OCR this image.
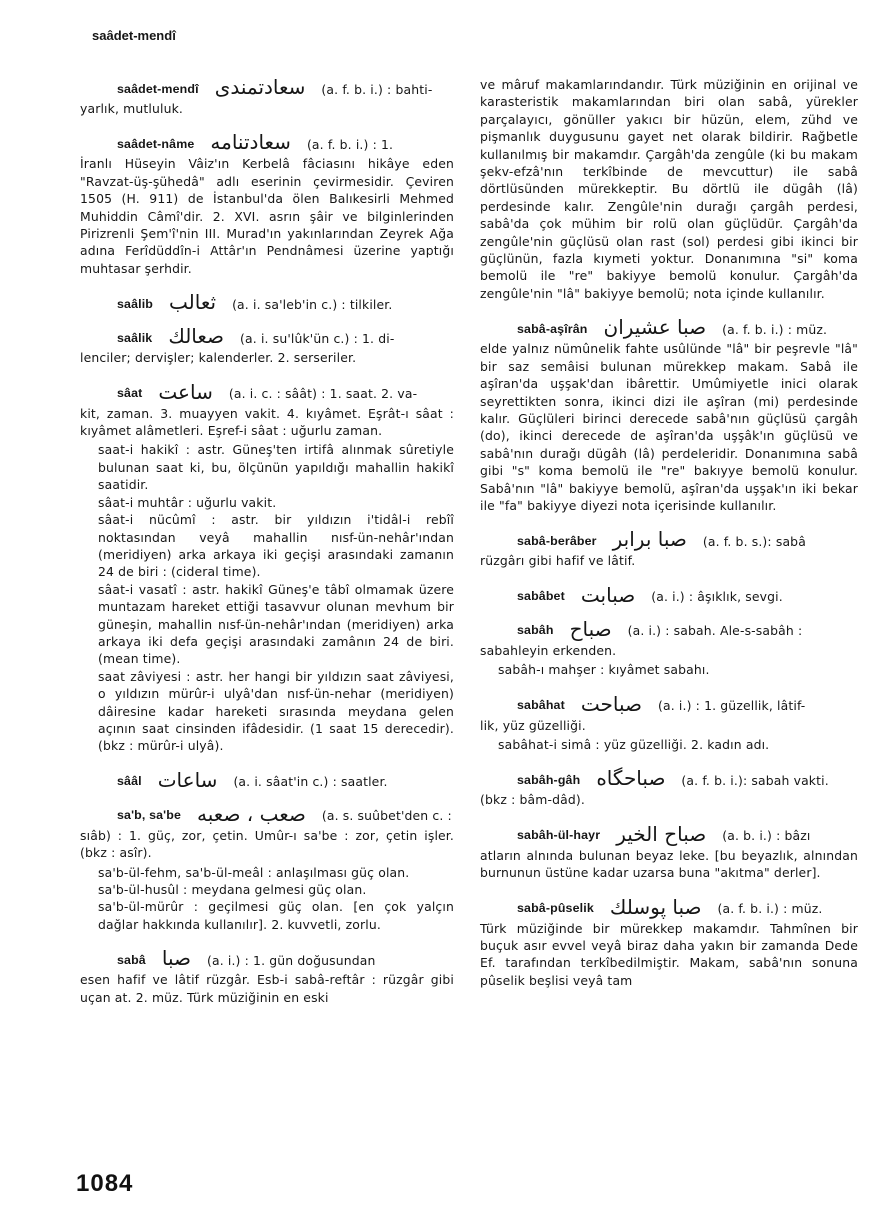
saâdet-mendî
saâdet-mendî سعادتمندى (a. f. b. i.) : bahti-

yarlık, mutluluk.

saâdet-nâme سعادتنامه (a. f. b. i.) : 1.

İranlı Hüseyin Vâiz'ın Kerbelâ fâciasını hikâye eden "Ravzat-üş-şühedâ" adlı eserinin çevirmesidir. Çeviren 1505 (H. 911) de İstanbul'da ölen Balıkesirli Mehmed Muhiddin Câmî'dir. 2. XVI. asrın şâir ve bilginlerinden Pirizrenli Şem'î'nin III. Murad'ın yakınlarından Zeyrek Ağa adına Ferîdüddîn-i Attâr'ın Pendnâmesi üzerine yaptığı muhtasar şerhdir.

saâlib ثعالب (a. i. sa'leb'in c.) : tilkiler.
saâlik صعالك (a. i. su'lûk'ün c.) : 1. di-

lenciler; dervişler; kalenderler. 2. serseriler.

sâat ساعت (a. i. c. : sâât) : 1. saat. 2. va-

kit, zaman. 3. muayyen vakit. 4. kıyâmet. Eşrât-ı sâat : kıyâmet alâmetleri. Eşref-i sâat : uğurlu zaman.

saat-i hakikî : astr. Güneş'ten irtifâ alınmak sûretiyle bulunan saat ki, bu, ölçünün yapıldığı mahallin hakikî saatidir.

sâat-i muhtâr : uğurlu vakit.

sâat-i nücûmî : astr. bir yıldızın i'tidâl-i rebîî noktasından veyâ mahallin nısf-ün-nehâr'ından (meridiyen) arka arkaya iki geçişi arasındaki zamanın 24 de biri : (cideral time).

sâat-i vasatî : astr. hakikî Güneş'e tâbî olmamak üzere muntazam hareket ettiği tasavvur olunan mevhum bir güneşin, mahallin nısf-ün-nehâr'ından (meridiyen) arka arkaya iki defa geçişi arasındaki zamânın 24 de biri. (mean time).

saat zâviyesi : astr. her hangi bir yıldızın saat zâviyesi, o yıldızın mürûr-i ulyâ'dan nısf-ün-nehar (meridiyen) dâiresine kadar hareketi sırasında meydana gelen açının saat cinsinden ifâdesidir. (1 saat 15 derecedir). (bkz : mürûr-i ulyâ).

sââl ساعات (a. i. sâat'in c.) : saatler.
sa'b, sa'be صعب ، صعبه (a. s. suûbet'den c. :

sıâb) : 1. güç, zor, çetin. Umûr-ı sa'be : zor, çetin işler. (bkz : asîr).

sa'b-ül-fehm, sa'b-ül-meâl : anlaşılması güç olan.

sa'b-ül-husûl : meydana gelmesi güç olan.

sa'b-ül-mürûr : geçilmesi güç olan. [en çok yalçın dağlar hakkında kullanılır]. 2. kuvvetli, zorlu.

sabâ صبا (a. i.) : 1. gün doğusundan

esen hafif ve lâtif rüzgâr. Esb-i sabâ-reftâr : rüzgâr gibi uçan at. 2. müz. Türk müziğinin en eski

ve mâruf makamlarındandır. Türk müziğinin en orijinal ve karasteristik makamlarından biri olan sabâ, yürekler parçalayıcı, gönüller yakıcı bir hüzün, elem, zühd ve pişmanlık duygusunu gayet net olarak bildirir. Rağbetle kullanılmış bir makamdır. Çargâh'da zengûle (ki bu makam şekv-efzâ'nın terkîbinde de mevcuttur) ile sabâ dörtlüsünden mürekkeptir. Bu dörtlü ile dügâh (lâ) perdesinde kalır. Zengûle'nin durağı çargâh perdesi, sabâ'da çok mühim bir rolü olan güçlüdür. Çargâh'da zengûle'nin güçlüsü olan rast (sol) perdesi gibi ikinci bir güçlünün, fazla kıymeti yoktur. Donanımına "si" koma bemolü ile "re" bakiyye bemolü konulur. Çargâh'da zengûle'nin "lâ" bakiyye bemolü; nota içinde kullanılır.

sabâ-aşîrân صبا عشيران (a. f. b. i.) : müz.

elde yalnız nümûnelik fahte usûlünde "lâ" bir peşrevle "lâ" bir saz semâisi bulunan mürekkep makam. Sabâ ile aşîran'da uşşak'dan ibârettir. Umûmiyetle inici olarak seyrettikten sonra, ikinci dizi ile aşîran (mi) perdesinde kalır. Güçlüleri birinci derecede sabâ'nın güçlüsü çargâh (do), ikinci derecede de aşîran'da uşşâk'ın güçlüsü ve sabâ'nın durağı dügâh (lâ) perdeleridir. Donanımına sabâ gibi "s" koma bemolü ile "re" bakıyye bemolü konulur. Sabâ'nın "lâ" bakiyye bemolü, aşîran'da uşşak'ın iki bekar ile "fa" bakiyye diyezi nota içerisinde kullanılır.

sabâ-berâber صبا برابر (a. f. b. s.): sabâ

rüzgârı gibi hafif ve lâtif.

sabâbet صبابت (a. i.) : âşıklık, sevgi.
sabâh صباح (a. i.) : sabah. Ale-s-sabâh :

sabahleyin erkenden.

sabâh-ı mahşer : kıyâmet sabahı.

sabâhat صباحت (a. i.) : 1. güzellik, lâtif-

lik, yüz güzelliği.

sabâhat-i simâ : yüz güzelliği. 2. kadın adı.

sabâh-gâh صباحگاه (a. f. b. i.): sabah vakti.

(bkz : bâm-dâd).

sabâh-ül-hayr صباح الخير (a. b. i.) : bâzı

atların alnında bulunan beyaz leke. [bu beyazlık, alnından burnunun üstüne kadar uzarsa buna "akıtma" derler].

sabâ-pûselik صبا پوسلك (a. f. b. i.) : müz.

Türk müziğinde bir mürekkep makamdır. Tahmînen bir buçuk asır evvel veyâ biraz daha yakın bir zamanda Dede Ef. tarafından terkîbedilmiştir. Makam, sabâ'nın sonuna pûselik beşlisi veyâ tam

1084
